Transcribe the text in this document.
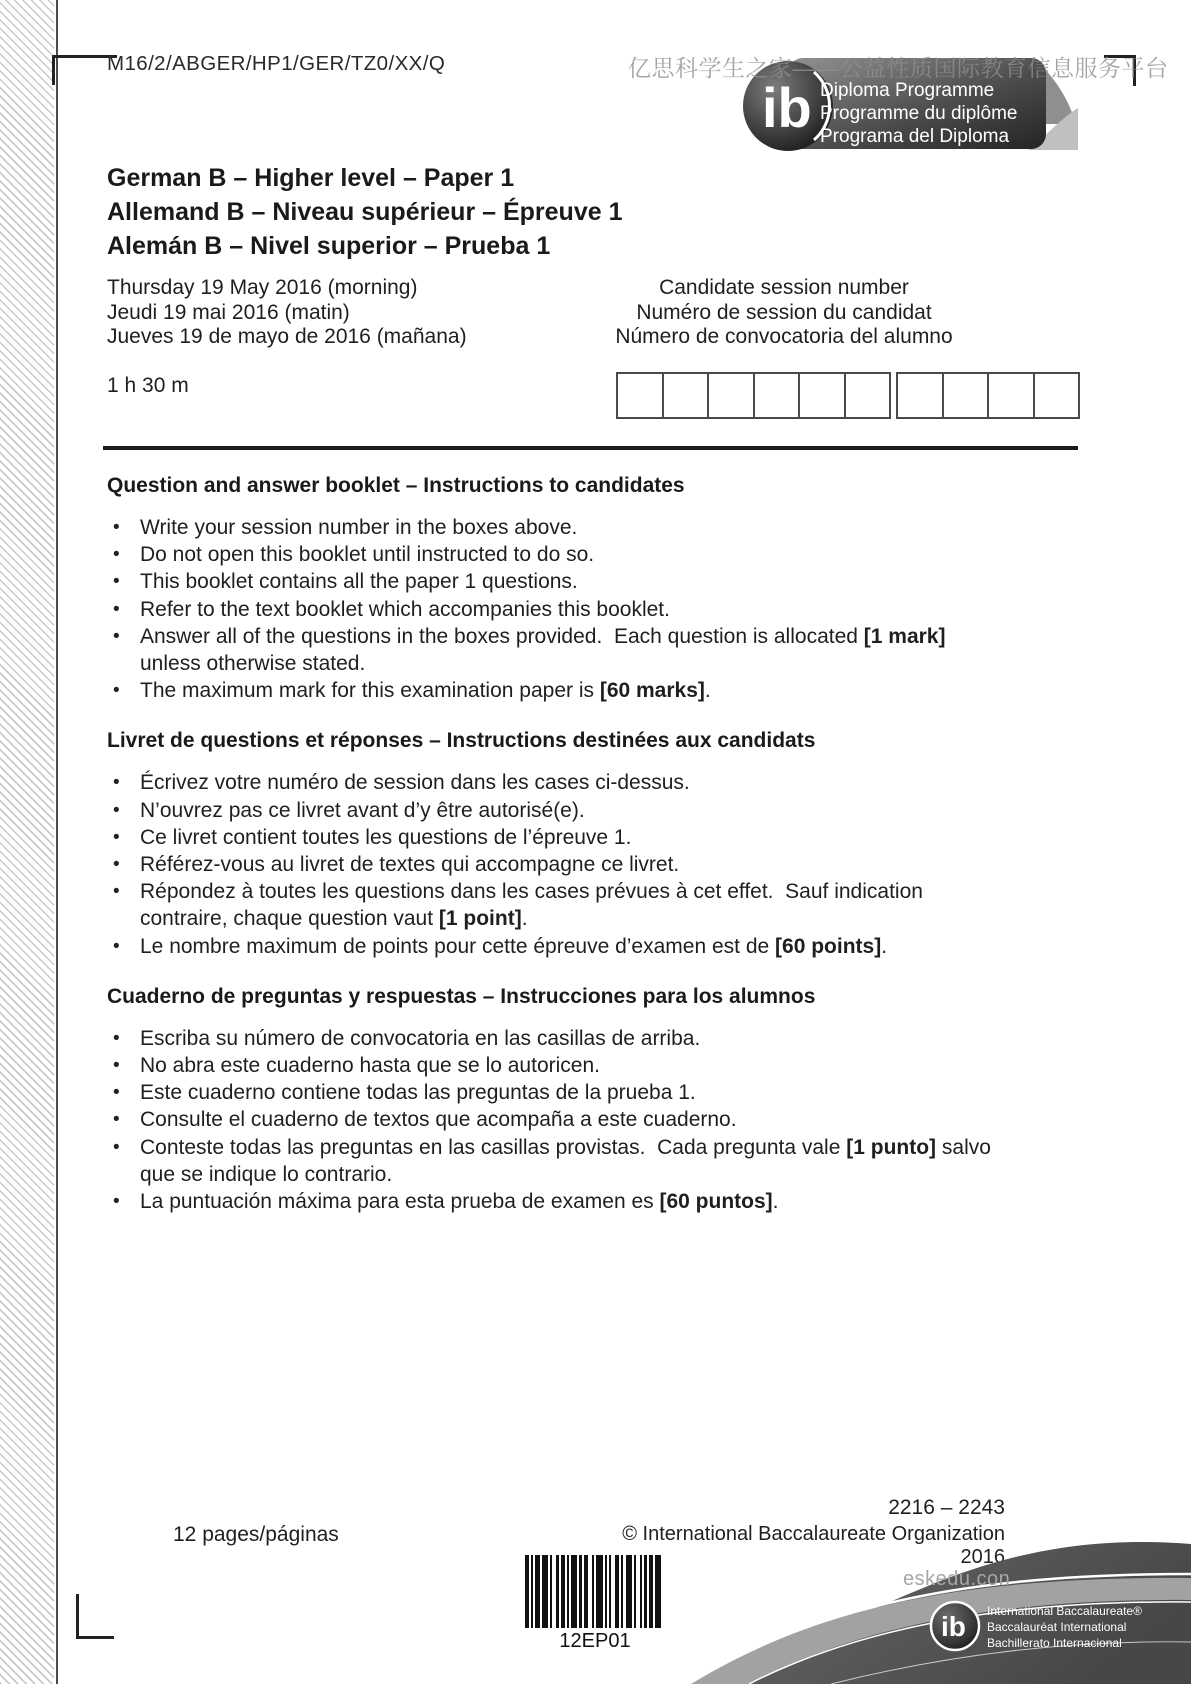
M16/2/ABGER/HP1/GER/TZ0/XX/Q
ib Diploma Programme
Programme du diplôme
Programa del Diploma
亿思科学生之家——公益性质国际教育信息服务平台
German B – Higher level – Paper 1
Allemand B – Niveau supérieur – Épreuve 1
Alemán B – Nivel superior – Prueba 1
Thursday 19 May 2016 (morning)
Jeudi 19 mai 2016 (matin)
Jueves 19 de mayo de 2016 (mañana)
1 h 30 m
Candidate session number
Numéro de session du candidat
Número de convocatoria del alumno
Question and answer booklet – Instructions to candidates
• Write your session number in the boxes above.
• Do not open this booklet until instructed to do so.
• This booklet contains all the paper 1 questions.
• Refer to the text booklet which accompanies this booklet.
• Answer all of the questions in the boxes provided.  Each question is allocated [1 mark] unless otherwise stated.
• The maximum mark for this examination paper is [60 marks].
Livret de questions et réponses – Instructions destinées aux candidats
• Écrivez votre numéro de session dans les cases ci-dessus.
• N’ouvrez pas ce livret avant d’y être autorisé(e).
• Ce livret contient toutes les questions de l’épreuve 1.
• Référez-vous au livret de textes qui accompagne ce livret.
• Répondez à toutes les questions dans les cases prévues à cet effet.  Sauf indication contraire, chaque question vaut [1 point].
• Le nombre maximum de points pour cette épreuve d’examen est de [60 points].
Cuaderno de preguntas y respuestas – Instrucciones para los alumnos
• Escriba su número de convocatoria en las casillas de arriba.
• No abra este cuaderno hasta que se lo autoricen.
• Este cuaderno contiene todas las preguntas de la prueba 1.
• Consulte el cuaderno de textos que acompaña a este cuaderno.
• Conteste todas las preguntas en las casillas provistas.  Cada pregunta vale [1 punto] salvo que se indique lo contrario.
• La puntuación máxima para esta prueba de examen es [60 puntos].
12 pages/páginas
2216 – 2243
© International Baccalaureate Organization 2016
12EP01
eskedu.con
ib International Baccalaureate®
Baccalauréat International
Bachillerato Internacional
